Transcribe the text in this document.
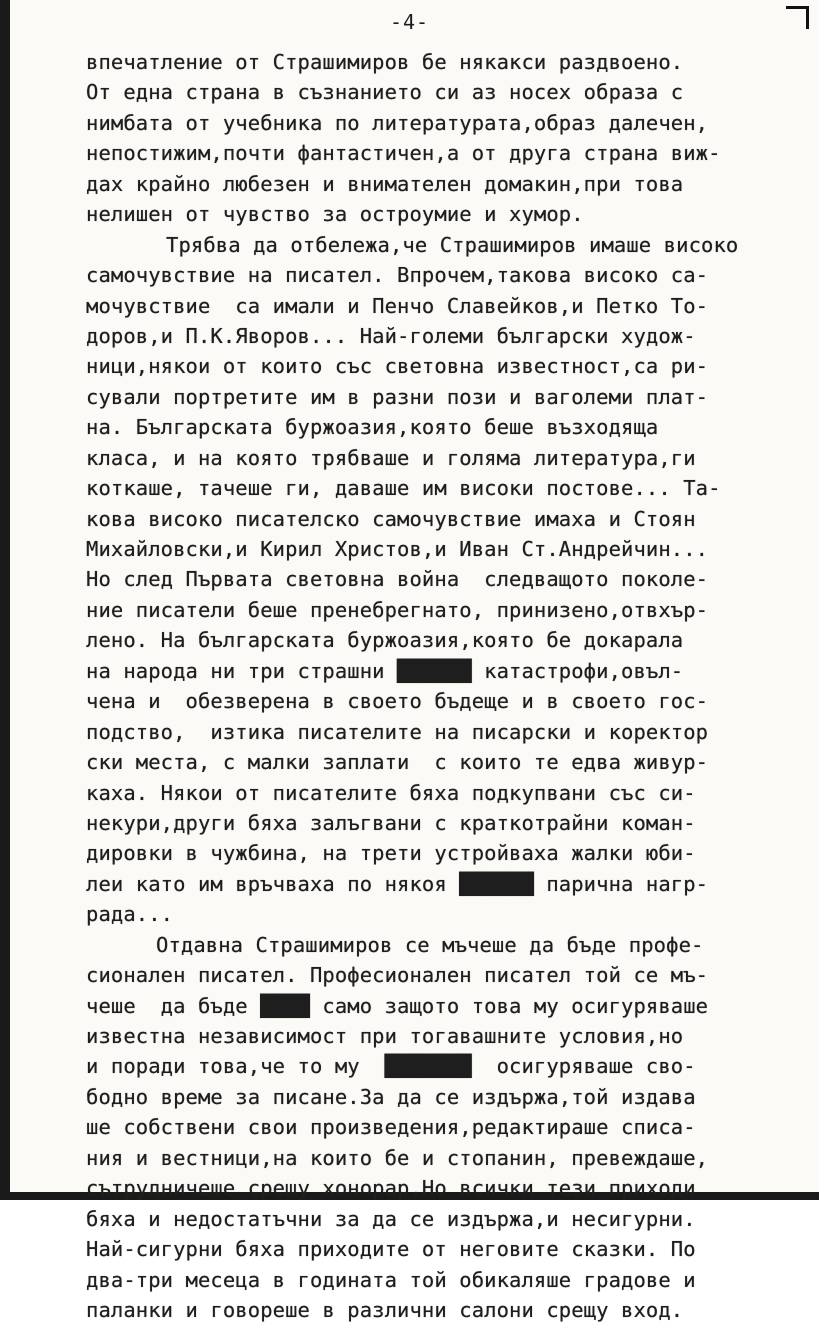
-4-
впечатление от Страшимиров бе някакси раздвоено.
От една страна в съзнанието си аз носех образа с
нимбата от учебника по литературата,образ далечен,
непостижим,почти фантастичен,а от друга страна виж-
дах крайно любезен и внимателен домакин,при това
нелишен от чувство за остроумие и хумор.
Трябва да отбележа,че Страшимиров имаше високо
самочувствие на писател. Впрочем,такова високо са-
мочувствие  са имали и Пенчо Славейков,и Петко То-
доров,и П.К.Яворов... Най-големи български худож-
ници,някои от които със световна известност,са ри-
сували портретите им в разни пози и вaголеми плат-
на. Българската буржоазия,която беше възходяща
класа, и на която трябваше и голяма литература,ги
коткаше, тачеше ги, даваше им високи постове... Та-
кова високо писателско самочувствие имаха и Стоян
Михайловски,и Кирил Христов,и Иван Ст.Андрейчин...
Но след Първата световна война  следващото поколе-
ние писатели беше пренебрегнато, принизено,отвхър-
лено. На българската буржоазия,която бе докарала
на народа ни три страшни ██████ катастрофи,овъл-
чена и  обезверена в своето бъдеще и в своето гос-
подство,  изтика писателите на писарски и коректор
ски места, с малки заплати  с които те едва живур-
каха. Някои от писателите бяха подкупвани със си-
некури,други бяха залъгвани с краткотрайни коман-
дировки в чужбина, на трети устройваха жалки юби-
леи като им връчваха по някоя ██████ парична нагр-
рада...
Отдавна Страшимиров се мъчеше да бъде профе-
сионален писател. Професионален писател той се мъ-
чеше  да бъде ████ само защото това му осигуряваше
известна независимост при тогавашните условия,но
и поради това,че то му  ███████  осигуряваше сво-
бодно време за писане.За да се издържа,той издава
ше собствени свои произведения,редактираше списа-
ния и вестници,на които бе и стопанин, превеждаше,
сътрудничеше срещу хонорар.Но всички тези приходи
бяха и недостатъчни за да се издържа,и несигурни.
Най-сигурни бяха приходите от неговите сказки. По
два-три месеца в годината той обикаляше градове и
паланки и говореше в различни салони срещу вход.
